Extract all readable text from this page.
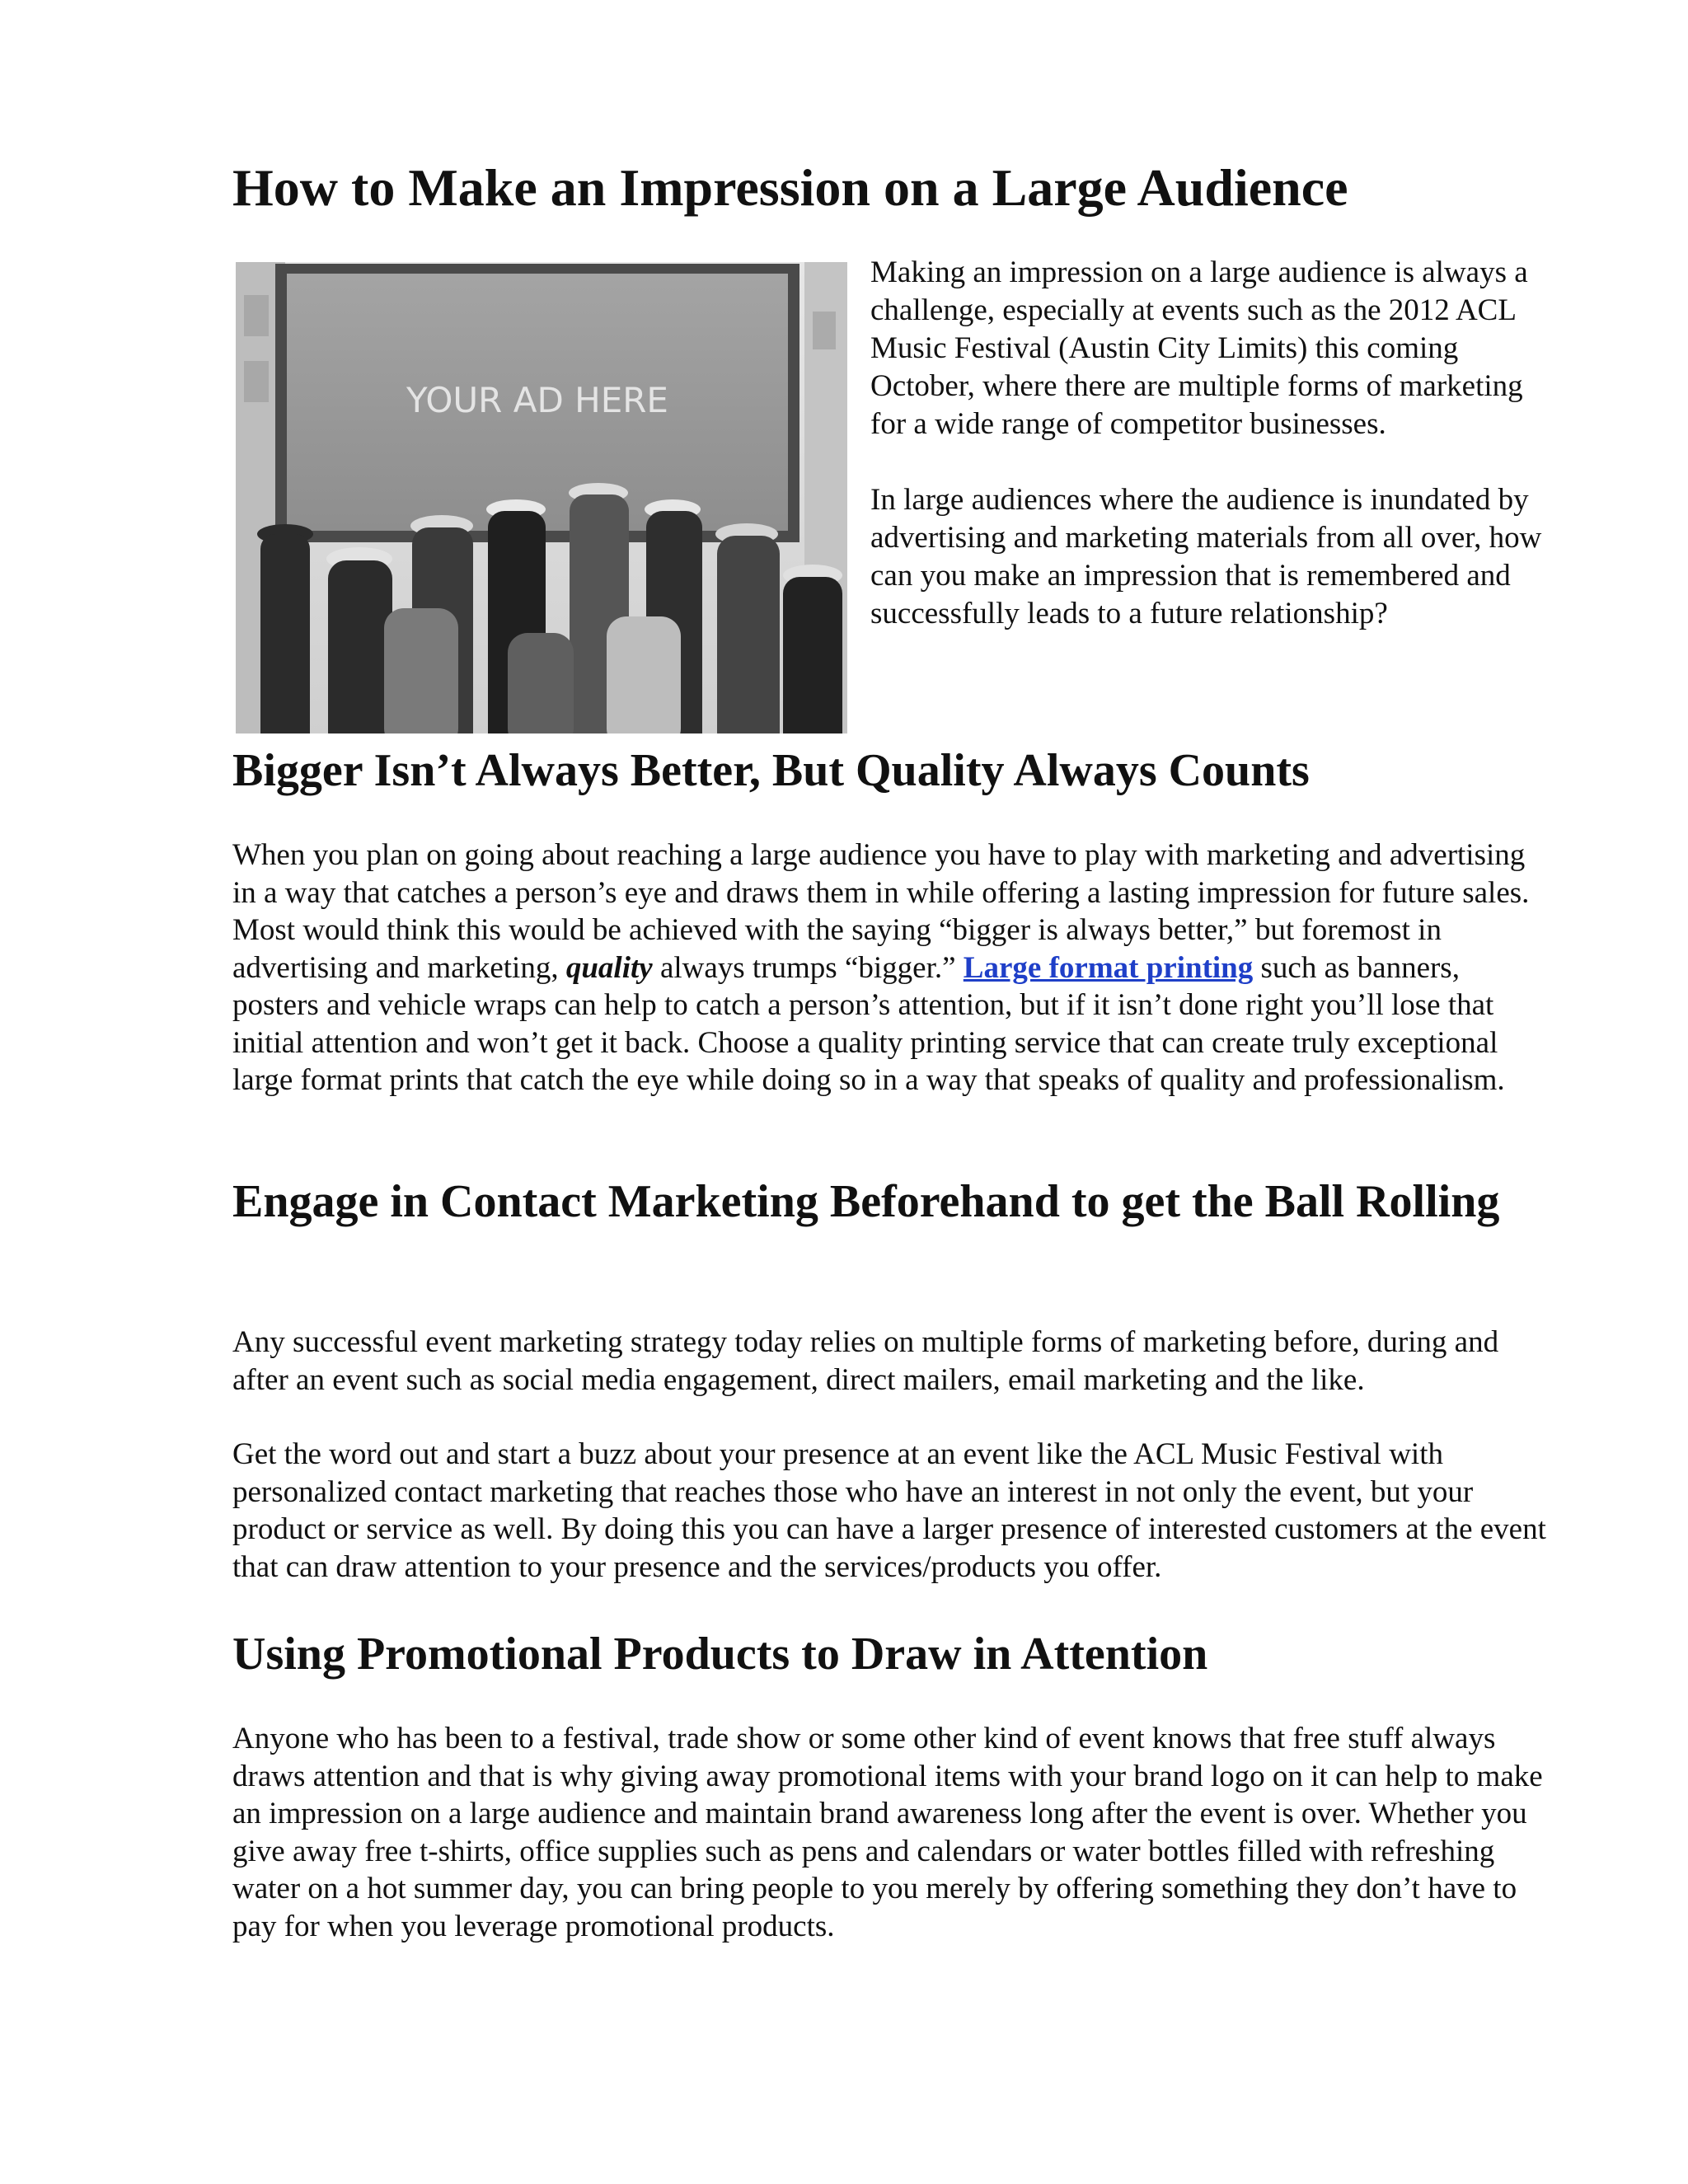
How to Make an Impression on a Large Audience
YOUR AD HERE

Making an impression on a large audience is always a challenge, especially at events such as the 2012 ACL Music Festival (Austin City Limits) this coming October, where there are multiple forms of marketing for a wide range of competitor businesses.

In large audiences where the audience is inundated by advertising and marketing materials from all over, how can you make an impression that is remembered and successfully leads to a future relationship?

Bigger Isn’t Always Better, But Quality Always Counts

When you plan on going about reaching a large audience you have to play with marketing and advertising in a way that catches a person’s eye and draws them in while offering a lasting impression for future sales. Most would think this would be achieved with the saying “bigger is always better,” but foremost in advertising and marketing, quality always trumps “bigger.” Large format printing such as banners, posters and vehicle wraps can help to catch a person’s attention, but if it isn’t done right you’ll lose that initial attention and won’t get it back. Choose a quality printing service that can create truly exceptional large format prints that catch the eye while doing so in a way that speaks of quality and professionalism.

Engage in Contact Marketing Beforehand to get the Ball Rolling

Any successful event marketing strategy today relies on multiple forms of marketing before, during and after an event such as social media engagement, direct mailers, email marketing and the like.

Get the word out and start a buzz about your presence at an event like the ACL Music Festival with personalized contact marketing that reaches those who have an interest in not only the event, but your product or service as well. By doing this you can have a larger presence of interested customers at the event that can draw attention to your presence and the services/products you offer.

Using Promotional Products to Draw in Attention

Anyone who has been to a festival, trade show or some other kind of event knows that free stuff always draws attention and that is why giving away promotional items with your brand logo on it can help to make an impression on a large audience and maintain brand awareness long after the event is over. Whether you give away free t-shirts, office supplies such as pens and calendars or water bottles filled with refreshing water on a hot summer day, you can bring people to you merely by offering something they don’t have to pay for when you leverage promotional products.
